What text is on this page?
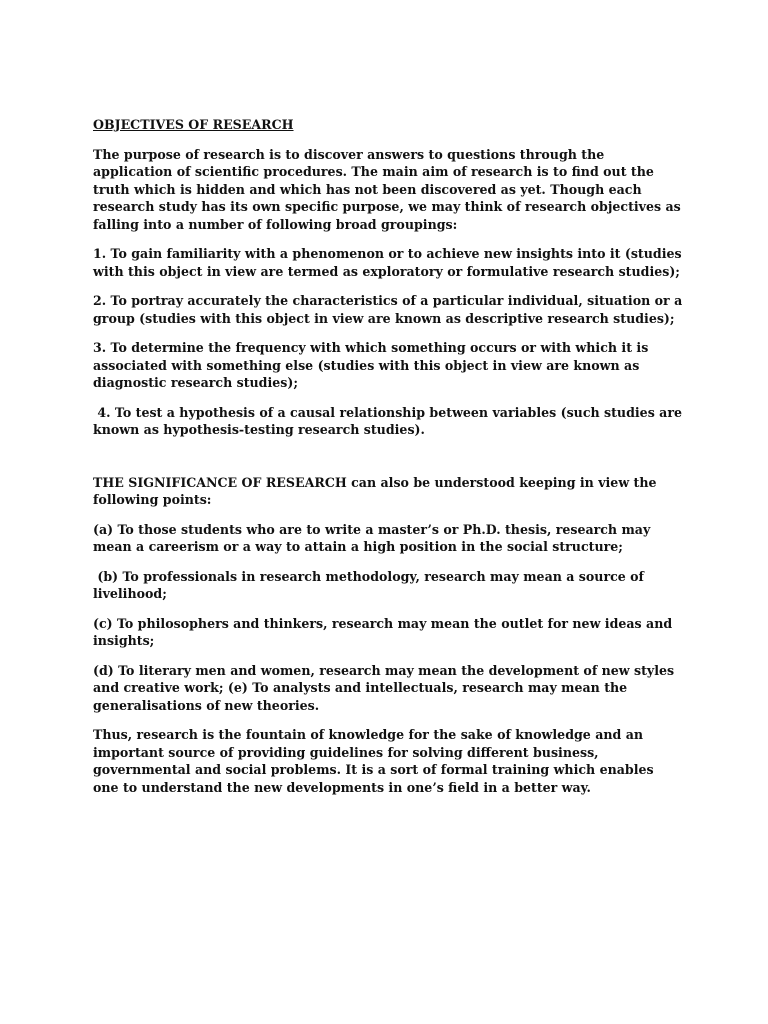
OBJECTIVES OF RESEARCH

The purpose of research is to discover answers to questions through the application of scientific procedures. The main aim of research is to find out the truth which is hidden and which has not been discovered as yet. Though each research study has its own specific purpose, we may think of research objectives as falling into a number of following broad groupings:

1. To gain familiarity with a phenomenon or to achieve new insights into it (studies with this object in view are termed as exploratory or formulative research studies);

2. To portray accurately the characteristics of a particular individual, situation or a group (studies with this object in view are known as descriptive research studies);

3. To determine the frequency with which something occurs or with which it is associated with something else (studies with this object in view are known as diagnostic research studies);

4. To test a hypothesis of a causal relationship between variables (such studies are known as hypothesis-testing research studies).

THE SIGNIFICANCE OF RESEARCH can also be understood keeping in view the following points:

(a) To those students who are to write a master’s or Ph.D. thesis, research may mean a careerism or a way to attain a high position in the social structure;

(b) To professionals in research methodology, research may mean a source of livelihood;

(c) To philosophers and thinkers, research may mean the outlet for new ideas and insights;

(d) To literary men and women, research may mean the development of new styles and creative work; (e) To analysts and intellectuals, research may mean the generalisations of new theories.

Thus, research is the fountain of knowledge for the sake of knowledge and an important source of providing guidelines for solving different business, governmental and social problems. It is a sort of formal training which enables one to understand the new developments in one’s field in a better way.
